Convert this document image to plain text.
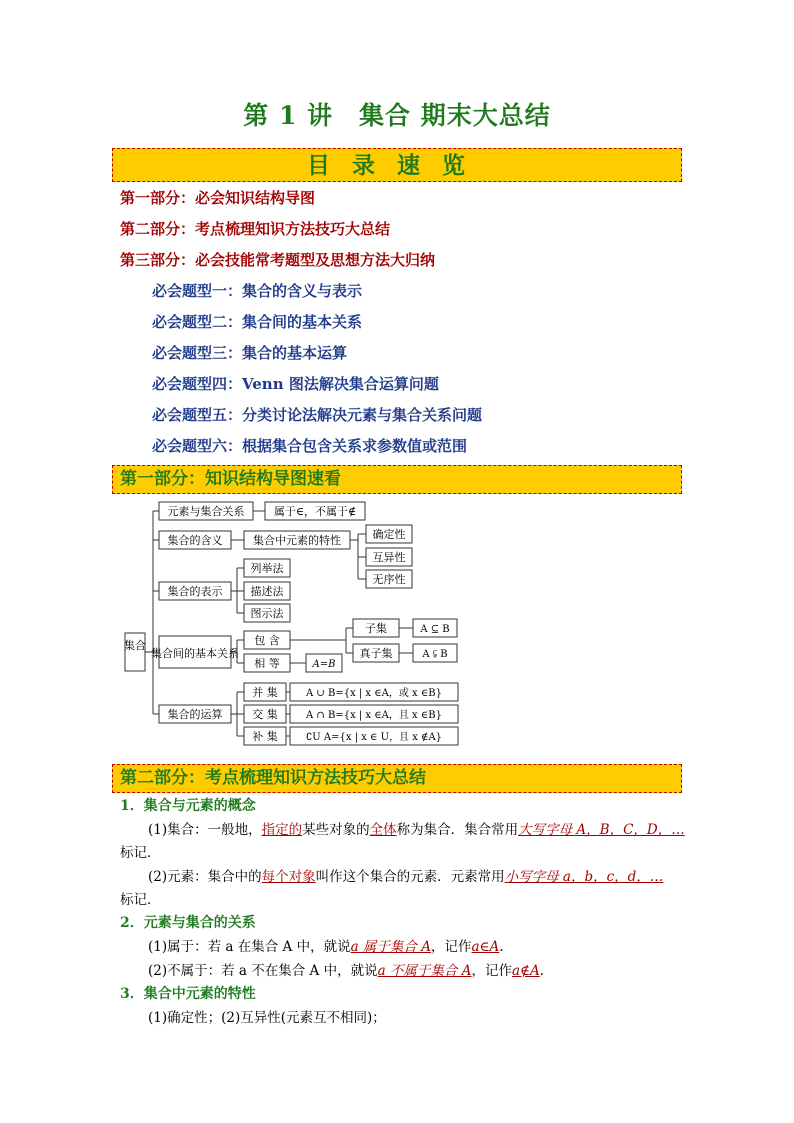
第 1 讲　集合 期末大总结
目录速览
第一部分：必会知识结构导图
第二部分：考点梳理知识方法技巧大总结
第三部分：必会技能常考题型及思想方法大归纳
必会题型一：集合的含义与表示
必会题型二：集合间的基本关系
必会题型三：集合的基本运算
必会题型四：Venn 图法解决集合运算问题
必会题型五：分类讨论法解决元素与集合关系问题
必会题型六：根据集合包含关系求参数值或范围
第一部分：知识结构导图速看
集合
元素与集合关系	属于∈，不属于∉
集合的含义	集合中元素的特性	确定性
互异性
无序性
集合的表示
列举法
描述法
图示法
集合间的基本关系
包 含
相 等	A=B
子集
真子集
A ⊆ B
A ⫋ B
集合的运算
并 集
交 集
补 集
A ∪ B={x | x ∈A，或 x ∈B}
A ∩ B={x | x ∈A，且 x ∈B}
∁U A={x | x ∈ U，且 x ∉A}
第二部分：考点梳理知识方法技巧大总结
1．集合与元素的概念
(1)集合：一般地，指定的某些对象的全体称为集合．集合常用大写字母 A，B，C，D，…
标记．
(2)元素：集合中的每个对象叫作这个集合的元素．元素常用小写字母 a，b，c，d，…
标记．
2．元素与集合的关系
(1)属于：若 a 在集合 A 中，就说a 属于集合 A，记作a∈A.
(2)不属于：若 a 不在集合 A 中，就说a 不属于集合 A，记作a∉A.
3．集合中元素的特性
(1)确定性；(2)互异性(元素互不相同)；
